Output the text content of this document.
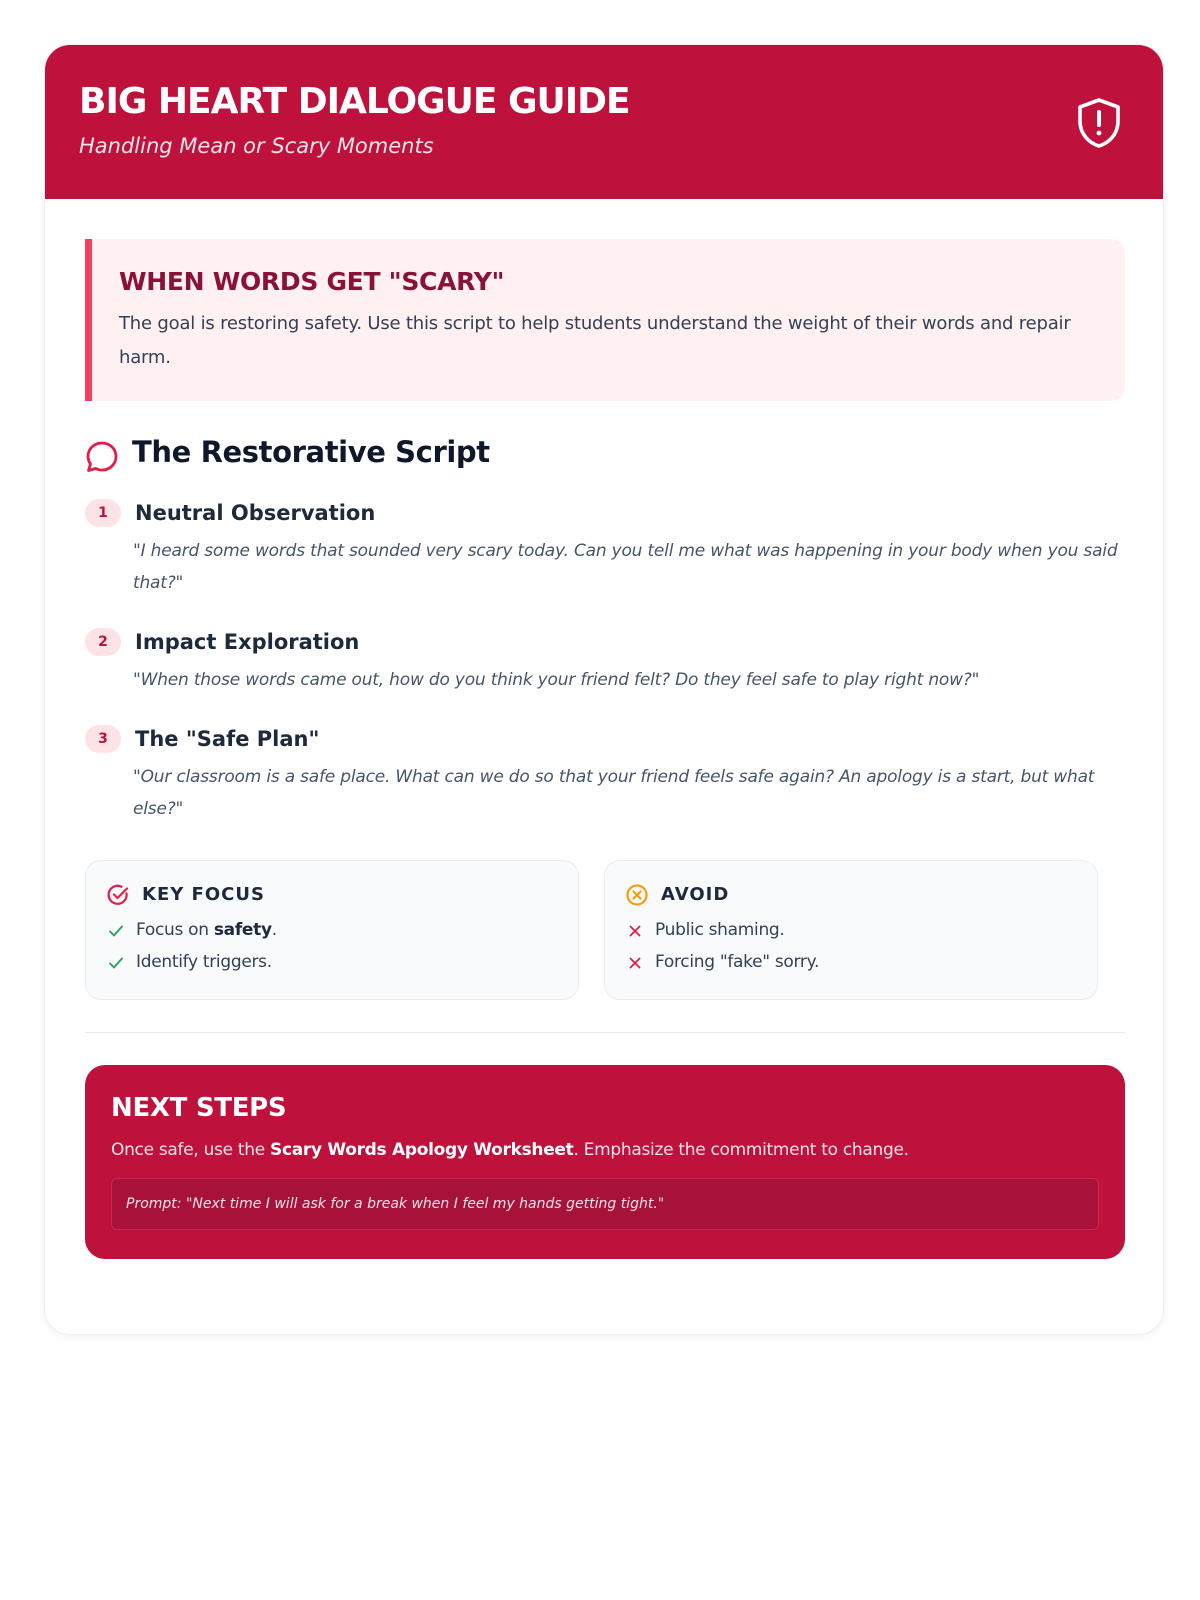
BIG HEART DIALOGUE GUIDE
Handling Mean or Scary Moments
WHEN WORDS GET "SCARY"
The goal is restoring safety. Use this script to help students understand the weight of their words and repair harm.
The Restorative Script
1	Neutral Observation
"I heard some words that sounded very scary today. Can you tell me what was happening in your body when you said that?"
2	Impact Exploration
"When those words came out, how do you think your friend felt? Do they feel safe to play right now?"
3	The "Safe Plan"
"Our classroom is a safe place. What can we do so that your friend feels safe again? An apology is a start, but what else?"
KEY FOCUS
Focus on safety.
Identify triggers.
AVOID
Public shaming.
Forcing "fake" sorry.
NEXT STEPS
Once safe, use the Scary Words Apology Worksheet. Emphasize the commitment to change.
Prompt: "Next time I will ask for a break when I feel my hands getting tight."
